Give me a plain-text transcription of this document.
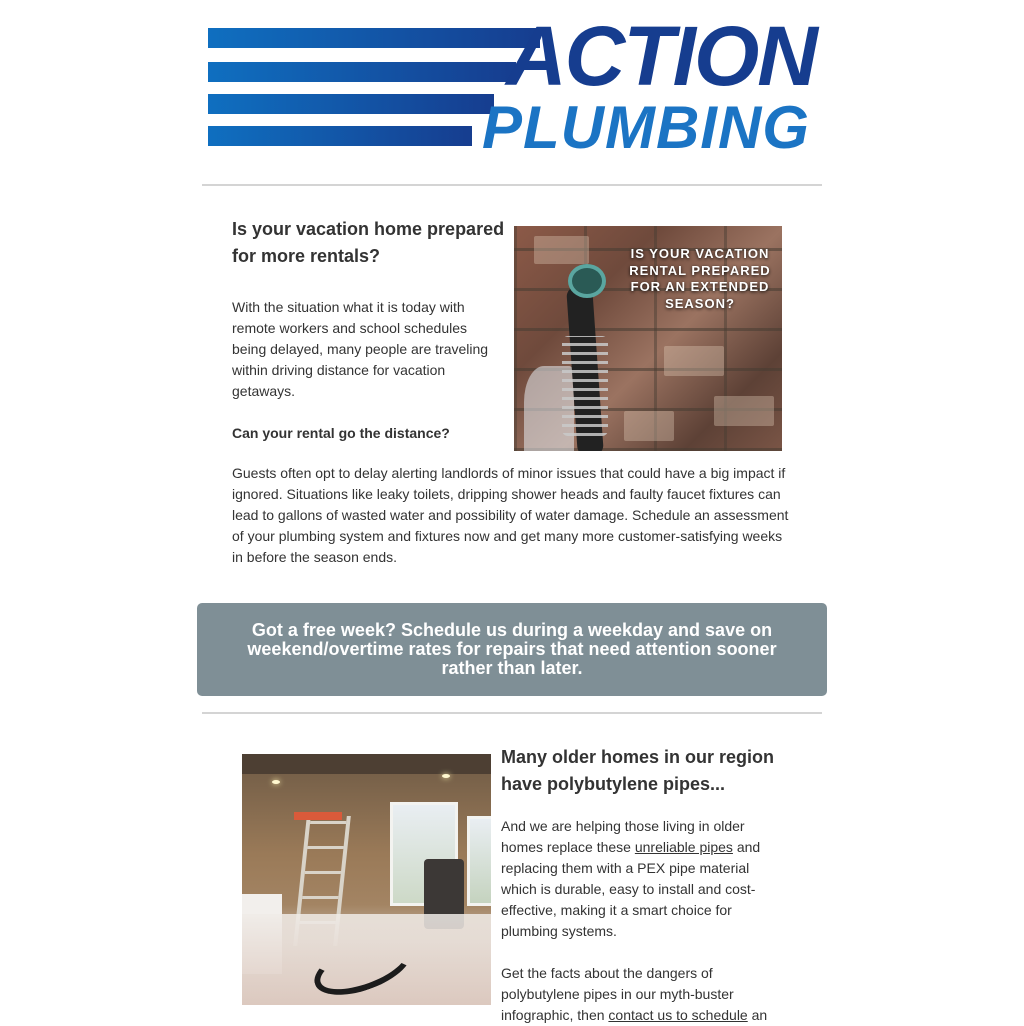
ACTION
PLUMBING
Is your vacation home prepared for more rentals?

With the situation what it is today with remote workers and school schedules being delayed, many people are traveling within driving distance for vacation getaways.

Can your rental go the distance?

IS YOUR VACATION RENTAL PREPARED FOR AN EXTENDED SEASON?

Guests often opt to delay alerting landlords of minor issues that could have a big impact if ignored. Situations like leaky toilets, dripping shower heads and faulty faucet fixtures can lead to gallons of wasted water and possibility of water damage. Schedule an assessment of your plumbing system and fixtures now and get many more customer-satisfying weeks in before the season ends.

Got a free week? Schedule us during a weekday and save on weekend/overtime rates for repairs that need attention sooner rather than later.
Many older homes in our region have polybutylene pipes...

And we are helping those living in older homes replace these unreliable pipes and replacing them with a PEX pipe material which is durable, easy to install and cost-effective, making it a smart choice for plumbing systems.

Get the facts about the dangers of polybutylene pipes in our myth-buster infographic, then contact us to schedule an
